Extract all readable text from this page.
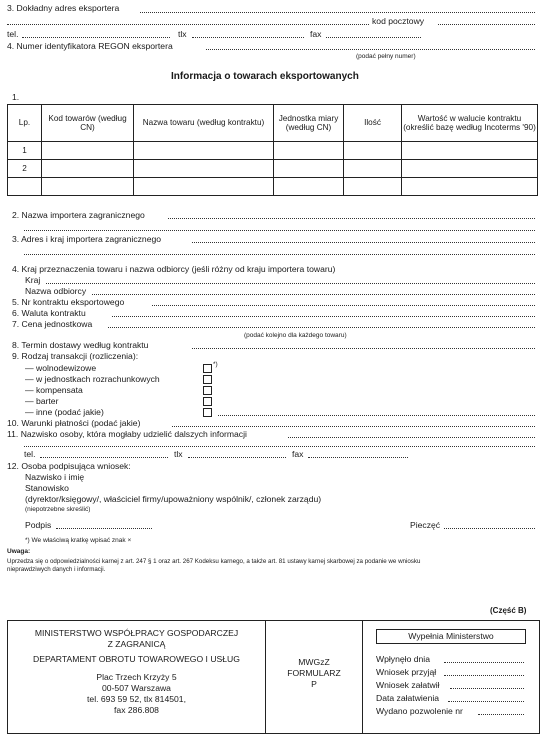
3. Dokładny adres eksportera
kod pocztowy
tel.	tlx	fax
4. Numer identyfikatora REGON eksportera
(podać pełny numer)
Informacja o towarach eksportowanych
1.
Lp.	Kod towarów (według CN)	Nazwa towaru (według kontraktu)	Jednostka miary (według CN)	Ilość	Wartość w walucie kontraktu (określić bazę według Incoterms '90)
1					
2					

2. Nazwa importera zagranicznego
3. Adres i kraj importera zagranicznego
4. Kraj przeznaczenia towaru i nazwa odbiorcy (jeśli różny od kraju importera towaru)
Kraj
Nazwa odbiorcy
5. Nr kontraktu eksportowego
6. Waluta kontraktu
7. Cena jednostkowa
(podać kolejno dla każdego towaru)
8. Termin dostawy według kontraktu
9. Rodzaj transakcji (rozliczenia):
— wolnodewizowe	*)
— w jednostkach rozrachunkowych
— kompensata
— barter
— inne (podać jakie)
10. Warunki płatności (podać jakie)
11. Nazwisko osoby, która mogłaby udzielić dalszych informacji
tel.	tlx	fax
12. Osoba podpisująca wniosek:
Nazwisko i imię
Stanowisko
(dyrektor/księgowy/, właściciel firmy/upoważniony wspólnik/, członek zarządu)
(niepotrzebne skreślić)
Podpis	Pieczęć
*) We właściwą kratkę wpisać znak ×
Uwaga:
Uprzedza się o odpowiedzialności karnej z art. 247 § 1 oraz art. 267 Kodeksu karnego, a także art. 81 ustawy karnej skarbowej za podanie we wniosku
nieprawdziwych danych i informacji.
(Część B)
MINISTERSTWO WSPÓŁPRACY GOSPODARCZEJ
Z ZAGRANICĄ
DEPARTAMENT OBROTU TOWAROWEGO I USŁUG
Plac Trzech Krzyży 5
00-507 Warszawa
tel. 693 59 52, tlx 814501,
fax 286.808
MWGzZ
FORMULARZ
P
Wypełnia Ministerstwo
Wpłynęło dnia
Wniosek przyjął
Wniosek załatwił
Data załatwienia
Wydano pozwolenie nr
